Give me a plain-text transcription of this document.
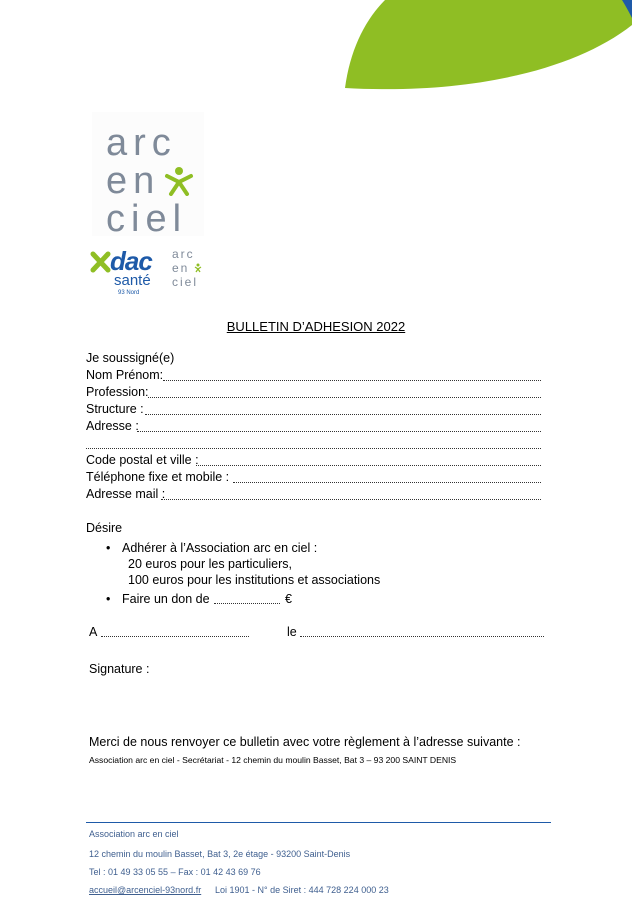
arc
en
ciel
dac
santé
93 Nord
arc
en
ciel
BULLETIN D’ADHESION 2022
Je soussigné(e)
Nom Prénom:
Profession:
Structure :
Adresse :
Code postal et ville :
Téléphone fixe et mobile :
Adresse mail :
Désire
• Adhérer à l’Association arc en ciel :
20 euros pour les particuliers,
100 euros pour les institutions et associations
• Faire un don de	€
A	le
Signature :
Merci de nous renvoyer ce bulletin avec votre règlement à l’adresse suivante :
Association arc en ciel - Secrétariat - 12 chemin du moulin Basset, Bat 3 – 93 200 SAINT DENIS
Association arc en ciel
12 chemin du moulin Basset, Bat 3, 2e étage - 93200 Saint-Denis
Tel : 01 49 33 05 55 – Fax : 01 42 43 69 76
accueil@arcenciel-93nord.fr Loi 1901 - N° de Siret : 444 728 224 000 23
